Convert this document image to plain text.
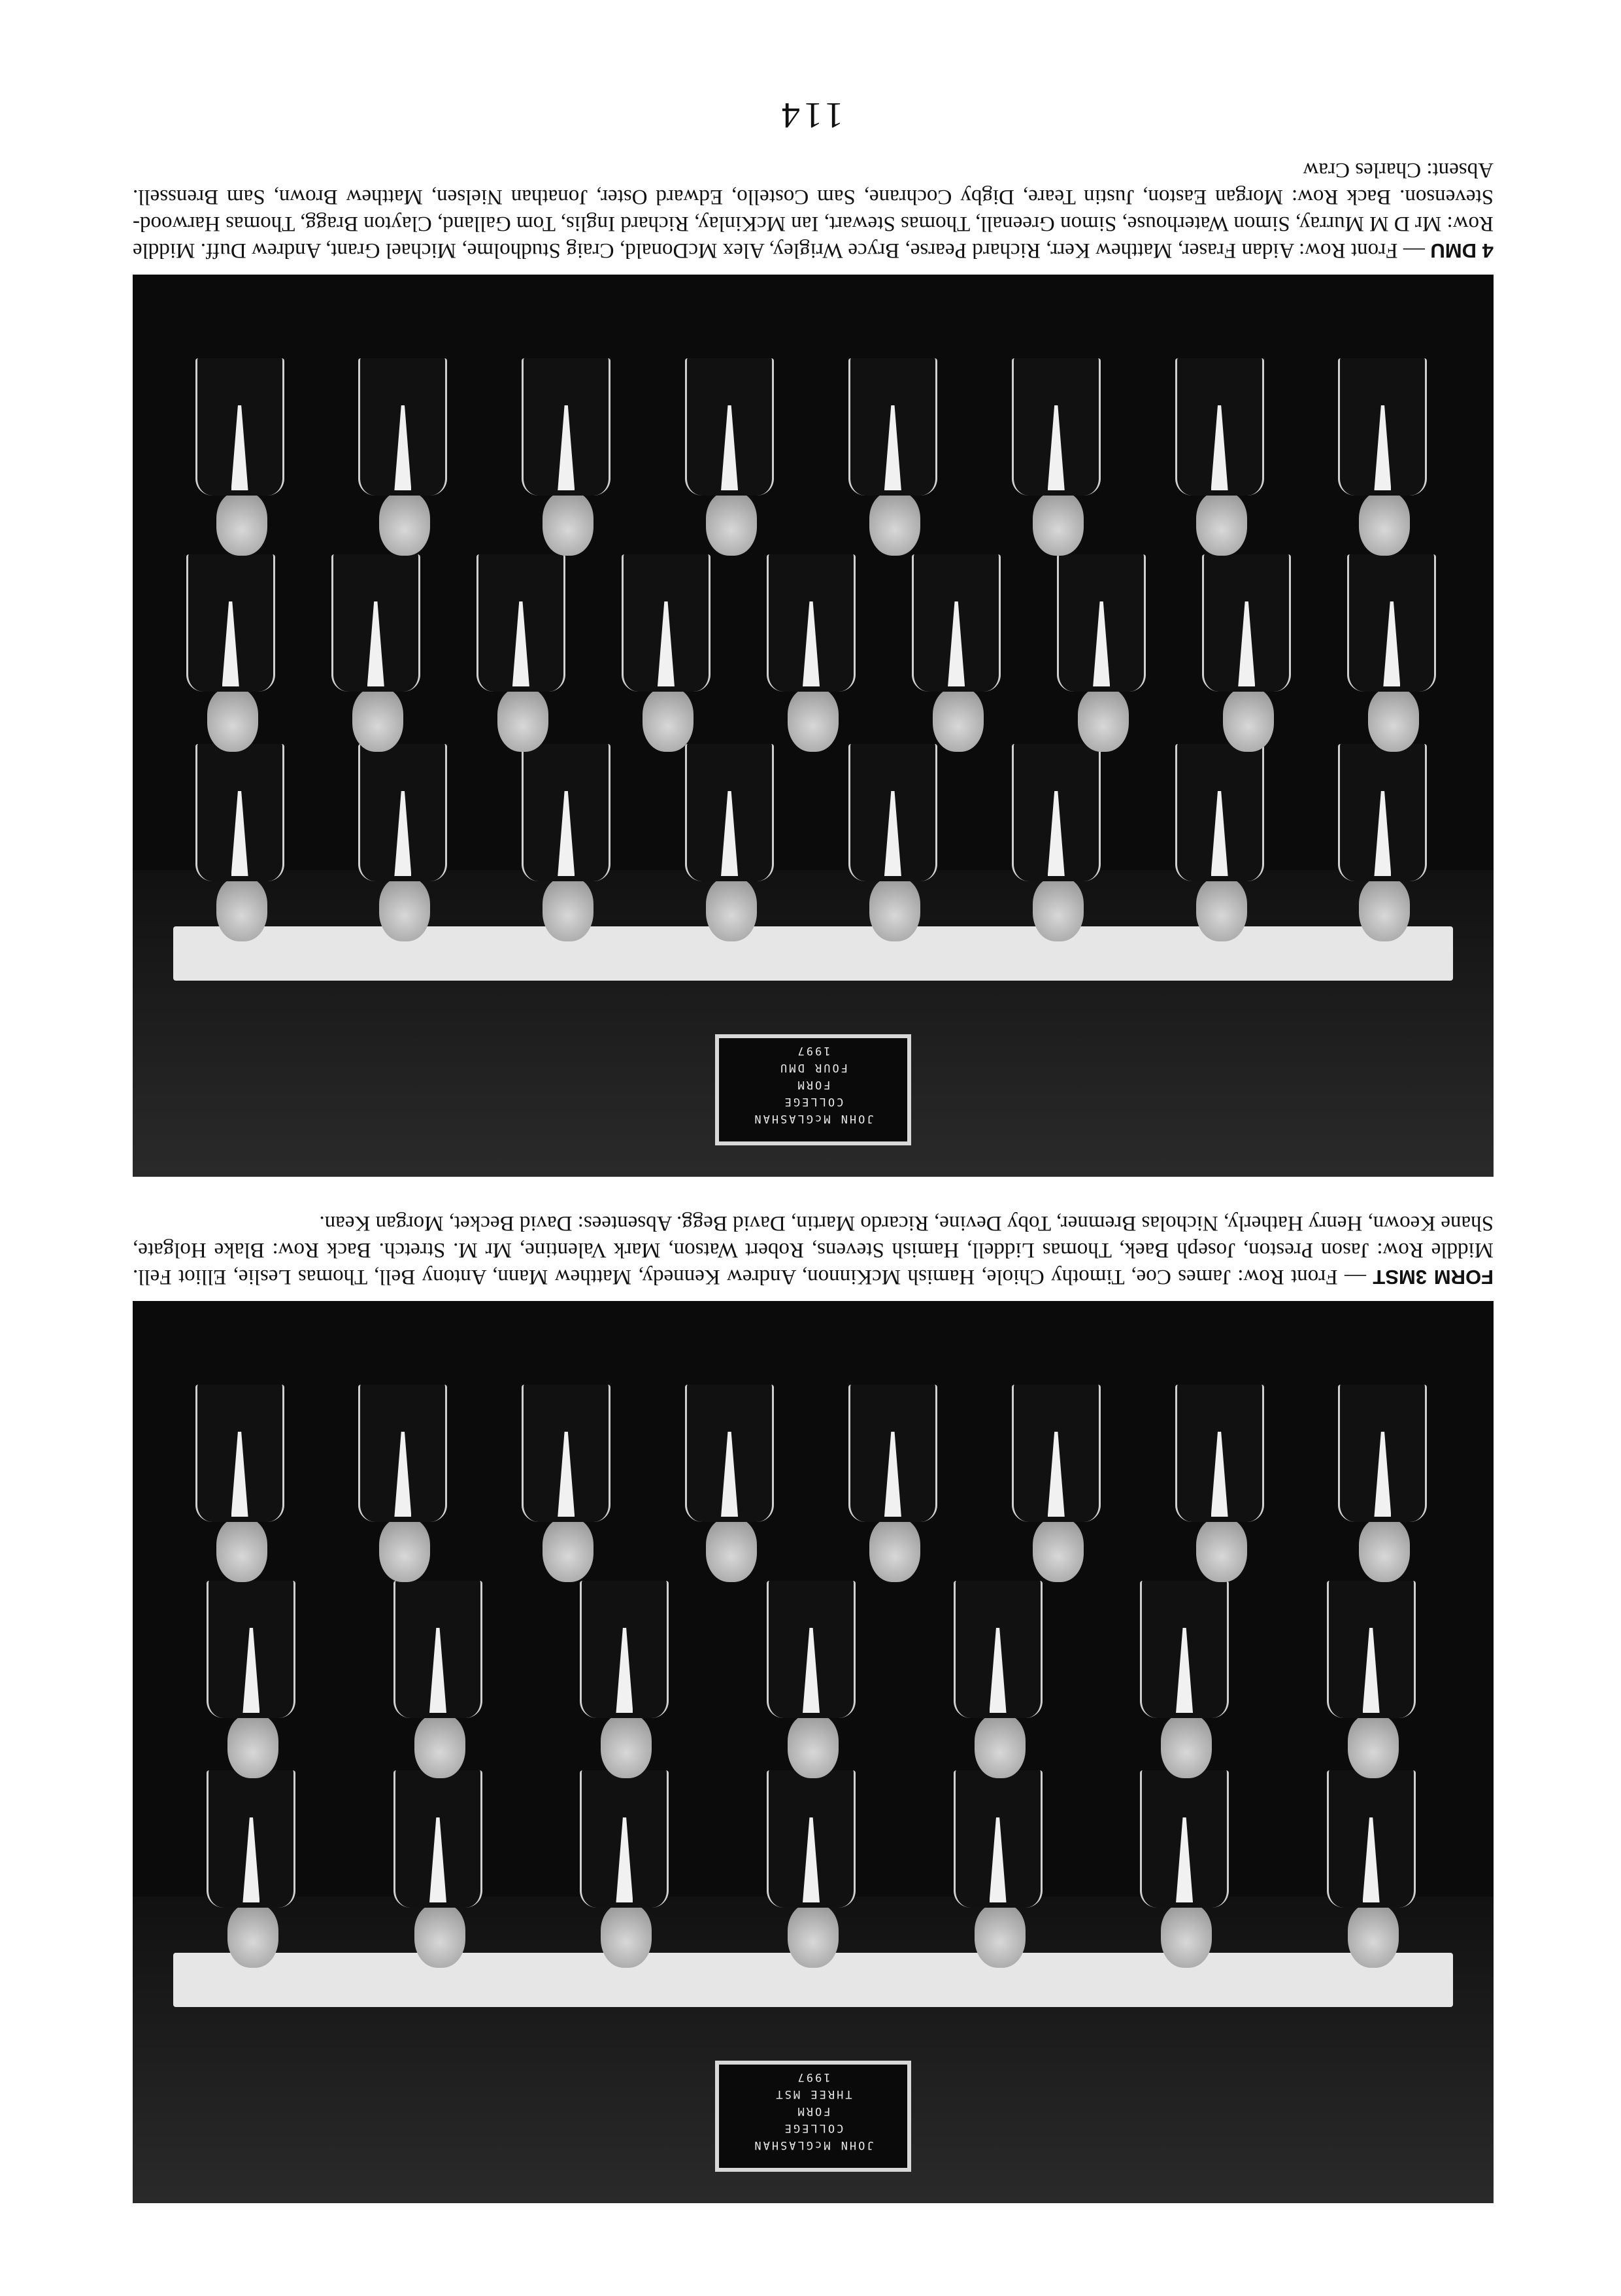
114
JOHN McGLASHAN
COLLEGE
FORM
THREE MST
1997
FORM 3MST — Front Row: James Coe, Timothy Chiole, Hamish McKinnon, Andrew Kennedy, Matthew Mann, Antony Bell, Thomas Leslie, Elliot Fell. Middle Row: Jason Preston, Joseph Baek, Thomas Liddell, Hamish Stevens, Robert Watson, Mark Valentine, Mr M. Stretch. Back Row: Blake Holgate, Shane Keown, Henry Hatherly, Nicholas Bremner, Toby Devine, Ricardo Martin, David Begg. Absentees: David Becket, Morgan Kean.
JOHN McGLASHAN
COLLEGE
FORM
FOUR DMU
1997
4 DMU — Front Row: Aidan Fraser, Matthew Kerr, Richard Pearse, Bryce Wrigley, Alex McDonald, Craig Studholme, Michael Grant, Andrew Duff. Middle Row: Mr D M Murray, Simon Waterhouse, Simon Greenall, Thomas Stewart, Ian McKinlay, Richard Inglis, Tom Galland, Clayton Bragg, Thomas Harwood-Stevenson. Back Row: Morgan Easton, Justin Teare, Digby Cochrane, Sam Costello, Edward Oster, Jonathan Nielsen, Matthew Brown, Sam Brenssell. Absent: Charles Craw
